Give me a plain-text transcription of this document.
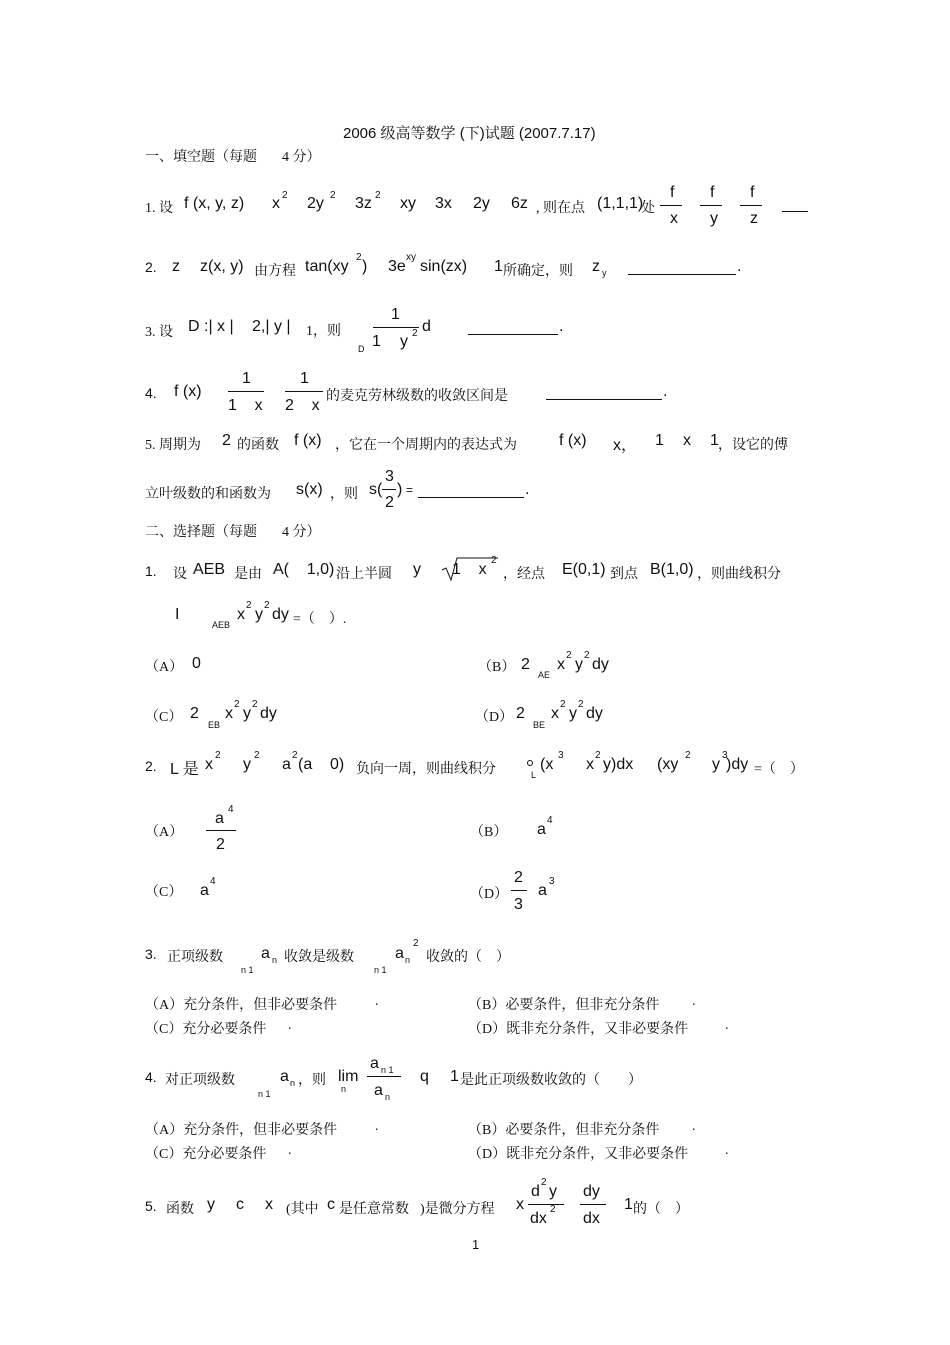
2006 级高等数学 (下)试题 (2007.7.17)
一、填空题（每题 4 分）
1. 设 f (x, y, z) x 2 2y 2 3z 2 xy 3x 2y 6z , 则在点 (1,1,1)
处
f
x
f
y
f
z
2. z z(x, y) 由方程 tan(xy
2
) 3e
xy
sin(zx) 1 所确定，则 z y	.
3. 设 D :| x | 2,| y | 1，则
D
1
1 y 2 d	.
4. f (x)
1
1    x
1
2    x
的麦克劳林级数的收敛区间是	.
5. 周期为 2 的函数 f (x) ，它在一个周期内的表达式为	f (x) x， 1 x 1 ，设它的傅
立叶级数的和函数为 s(x) ，则 s(
3
2
) =	.
二、选择题（每题 4 分）
1. 设 AEB 是由 A(    1,0) 沿上半圆 y 1    x
2
，经点 E(0,1) 到点 B(1,0) ，则曲线积分
I
AEB
x
2
y
2
dy =（    ）.
（A） 0	（B） 2
AE
x
2
y
2
dy
（C） 2
EB
x
2
y
2
dy	（D） 2
BE
x
2
y
2
dy
2. L 是 x
2
y
2
a
2
(a    0) 负向一周，则曲线积分	L
(x
3
x
2
y)dx (xy
2
y
3
)dy =（    ）
（A）
a
4
2
（B） a
4
（C） a
4
（D）
2
3
a
3
3. 正项级数
n 1
a n 收敛是级数
n 1
a n
2
收敛的（    ）
（A）充分条件，但非必要条件	.	（B）必要条件，但非充分条件 .
（C）充分必要条件 .	（D）既非充分条件，又非必要条件	.
4. 对正项级数
n 1
a n ，则 lim
n
a n 1
a n
q 1 是此正项级数收敛的（        ）
（A）充分条件，但非必要条件	.	（B）必要条件，但非充分条件 .
（C）充分必要条件 .	（D）既非充分条件，又非必要条件	.
5. 函数 y c x (其中 c 是任意常数 )是微分方程 x
d
2
y
dx
2
dy
dx
1 的（    ）
1
